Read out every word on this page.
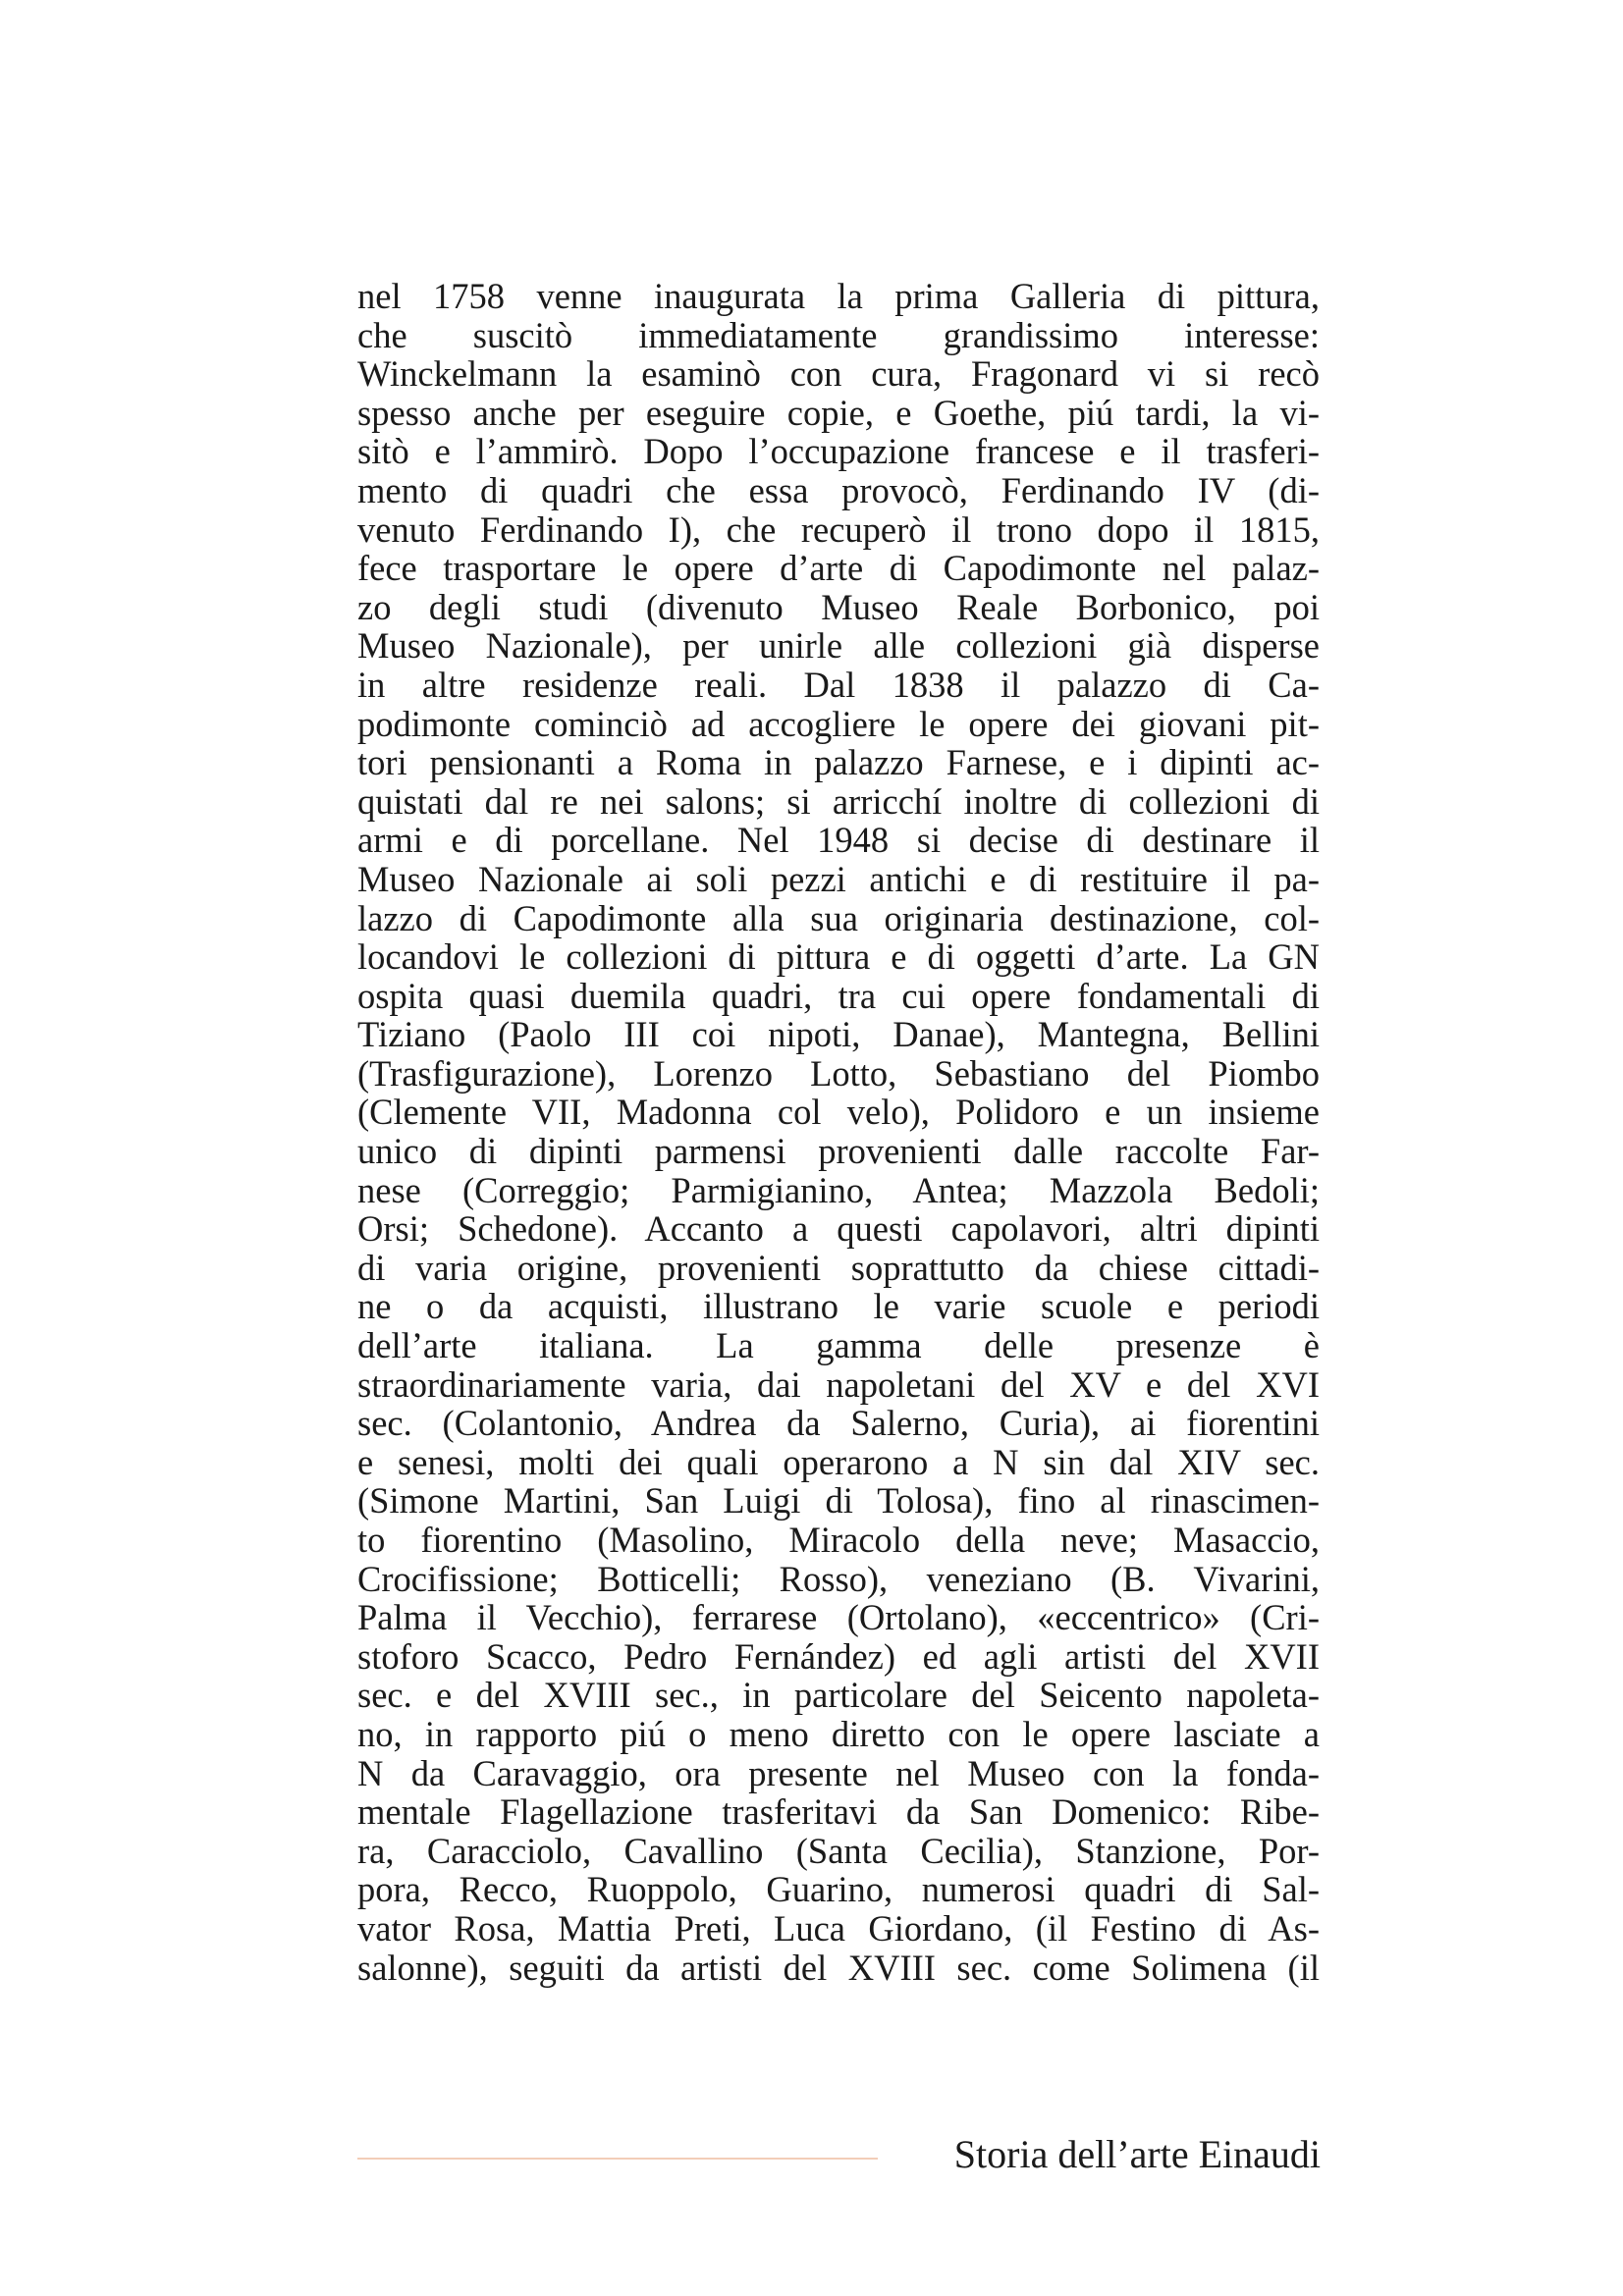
nel 1758 venne inaugurata la prima Galleria di pittura,
che suscitò immediatamente grandissimo interesse:
Winckelmann la esaminò con cura, Fragonard vi si recò
spesso anche per eseguire copie, e Goethe, piú tardi, la vi-
sitò e l’ammirò. Dopo l’occupazione francese e il trasferi-
mento di quadri che essa provocò, Ferdinando IV (di-
venuto Ferdinando I), che recuperò il trono dopo il 1815,
fece trasportare le opere d’arte di Capodimonte nel palaz-
zo degli studi (divenuto Museo Reale Borbonico, poi
Museo Nazionale), per unirle alle collezioni già disperse
in altre residenze reali. Dal 1838 il palazzo di Ca-
podimonte cominciò ad accogliere le opere dei giovani pit-
tori pensionanti a Roma in palazzo Farnese, e i dipinti ac-
quistati dal re nei salons; si arricchí inoltre di collezioni di
armi e di porcellane. Nel 1948 si decise di destinare il
Museo Nazionale ai soli pezzi antichi e di restituire il pa-
lazzo di Capodimonte alla sua originaria destinazione, col-
locandovi le collezioni di pittura e di oggetti d’arte. La GN
ospita quasi duemila quadri, tra cui opere fondamentali di
Tiziano (Paolo III coi nipoti, Danae), Mantegna, Bellini
(Trasfigurazione), Lorenzo Lotto, Sebastiano del Piombo
(Clemente VII, Madonna col velo), Polidoro e un insieme
unico di dipinti parmensi provenienti dalle raccolte Far-
nese (Correggio; Parmigianino, Antea; Mazzola Bedoli;
Orsi; Schedone). Accanto a questi capolavori, altri dipinti
di varia origine, provenienti soprattutto da chiese cittadi-
ne o da acquisti, illustrano le varie scuole e periodi
dell’arte italiana. La gamma delle presenze è
straordinariamente varia, dai napoletani del XV e del XVI
sec. (Colantonio, Andrea da Salerno, Curia), ai fiorentini
e senesi, molti dei quali operarono a N sin dal XIV sec.
(Simone Martini, San Luigi di Tolosa), fino al rinascimen-
to fiorentino (Masolino, Miracolo della neve; Masaccio,
Crocifissione; Botticelli; Rosso), veneziano (B. Vivarini,
Palma il Vecchio), ferrarese (Ortolano), «eccentrico» (Cri-
stoforo Scacco, Pedro Fernández) ed agli artisti del XVII
sec. e del XVIII sec., in particolare del Seicento napoleta-
no, in rapporto piú o meno diretto con le opere lasciate a
N da Caravaggio, ora presente nel Museo con la fonda-
mentale Flagellazione trasferitavi da San Domenico: Ribe-
ra, Caracciolo, Cavallino (Santa Cecilia), Stanzione, Por-
pora, Recco, Ruoppolo, Guarino, numerosi quadri di Sal-
vator Rosa, Mattia Preti, Luca Giordano, (il Festino di As-
salonne), seguiti da artisti del XVIII sec. come Solimena (il
Storia dell’arte Einaudi
